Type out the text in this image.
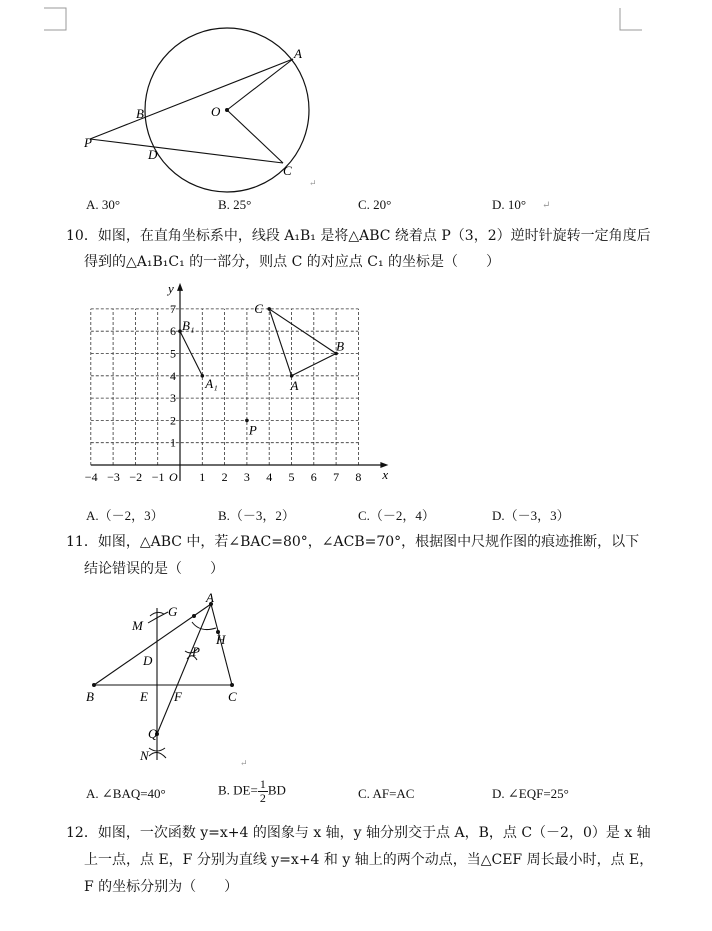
A
B	O
P
D
C
↵
A. 30°	B. 25°	C. 20°	D. 10° ↵
10．如图，在直角坐标系中，线段 A₁B₁ 是将△ABC 绕着点 P（3，2）逆时针旋转一定角度后
得到的△A₁B₁C₁ 的一部分，则点 C 的对应点 C₁ 的坐标是（　　）
x
y
−4 −3 −2 −1 O 1 2 3 4 5 6 7 8
1
2
3
4
5
6
7
A
B
C
P
A₁
B₁
A.（－2，3）	B.（－3，2）	C.（－2，4）	D.（－3，3）
11．如图，△ABC 中，若∠BAC=80°，∠ACB=70°，根据图中尺规作图的痕迹推断，以下
结论错误的是（　　）
A
G
M
H
D
P
B	E F	C
Q
N	↵
A. ∠BAQ=40°	B. $DE= \frac{1}{2}$ BD	C. AF=AC	D. ∠EQF=25°
12．如图，一次函数 y=x+4 的图象与 x 轴，y 轴分别交于点 A，B，点 C（－2，0）是 x 轴
上一点，点 E，F 分别为直线 y=x+4 和 y 轴上的两个动点，当△CEF 周长最小时，点 E，
F 的坐标分别为（　　）
